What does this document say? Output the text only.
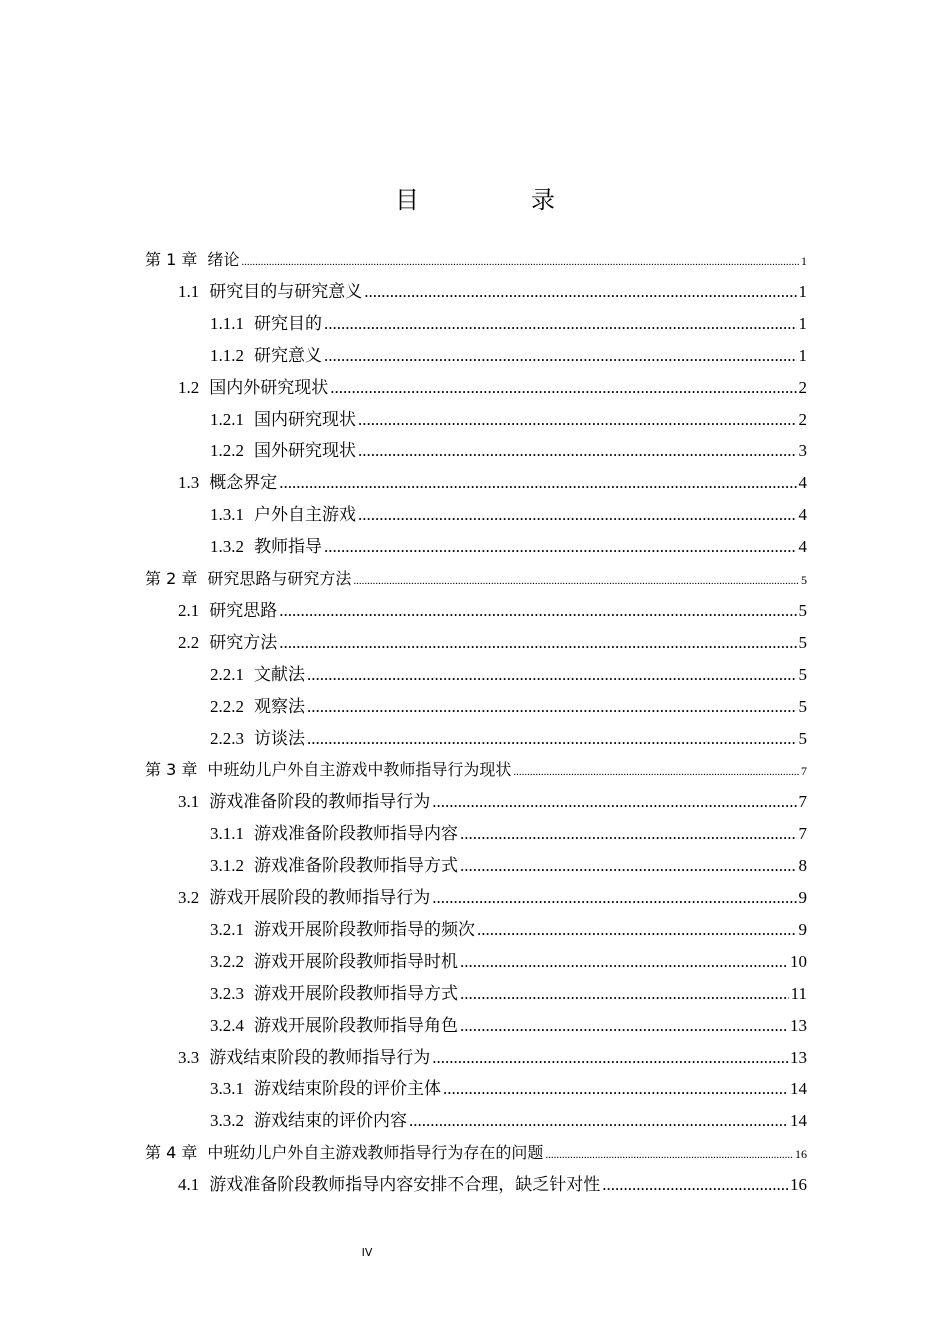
目　录
第 1 章 绪论 .....	1
1.1 研究目的与研究意义 .....	1
1.1.1 研究目的 .....	1
1.1.2 研究意义 .....	1
1.2 国内外研究现状 .....	2
1.2.1 国内研究现状 .....	2
1.2.2 国外研究现状 .....	3
1.3 概念界定 .....	4
1.3.1 户外自主游戏 .....	4
1.3.2 教师指导 .....	4
第 2 章 研究思路与研究方法 .....	5
2.1 研究思路 .....	5
2.2 研究方法 .....	5
2.2.1 文献法 .....	5
2.2.2 观察法 .....	5
2.2.3 访谈法 .....	5
第 3 章 中班幼儿户外自主游戏中教师指导行为现状 .....	7
3.1 游戏准备阶段的教师指导行为 .....	7
3.1.1 游戏准备阶段教师指导内容 .....	7
3.1.2 游戏准备阶段教师指导方式 .....	8
3.2 游戏开展阶段的教师指导行为 .....	9
3.2.1 游戏开展阶段教师指导的频次 .....	9
3.2.2 游戏开展阶段教师指导时机 .....	10
3.2.3 游戏开展阶段教师指导方式 .....	11
3.2.4 游戏开展阶段教师指导角色 .....	13
3.3 游戏结束阶段的教师指导行为 .....	13
3.3.1 游戏结束阶段的评价主体 .....	14
3.3.2 游戏结束的评价内容 .....	14
第 4 章 中班幼儿户外自主游戏教师指导行为存在的问题 .....	16
4.1 游戏准备阶段教师指导内容安排不合理，缺乏针对性 .....	16
IV
